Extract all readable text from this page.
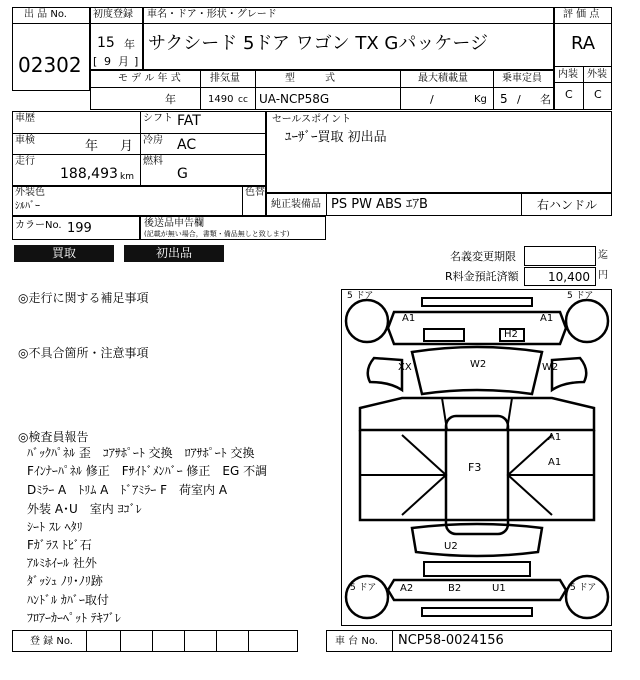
出 品 No.
02302
初度登録
15 年
[ 9 月 ]
車名・ドア・形状・グレード
サクシード 5ドア ワゴン TX Gパッケージ
評 価 点
RA
内装 外装
C C
モ デ ル 年 式
年
排気量
1490 cc
型　　　式
UA-NCP58G
最大積載量
/	Kg
乗車定員
5 / 名
車歴	シフト FAT
車検	年 月 冷房 AC
走行
188,493 km
燃料
G
セールスポイント
ﾕｰｻﾞｰ買取 初出品
外装色
ｼﾙﾊﾞｰ
色替
純正装備品 PS PW ABS ｴｱB	右ハンドル
カラーNo. 199	後送品申告欄
(記載が無い場合，書類・備品無しと致します)
買取	初出品	名義変更期限	迄
R料金預託済額 10,400 円
◎走行に関する補足事項
◎不具合箇所・注意事項
◎検査員報告
ﾊﾞｯｸﾊﾟﾈﾙ 歪　ｺｱｻﾎﾟｰﾄ 交換　ﾛｱｻﾎﾟｰﾄ 交換
Fｲﾝﾅｰﾊﾟﾈﾙ 修正　Fｻｲﾄﾞﾒﾝﾊﾞｰ 修正　EG 不調
Dﾐﾗｰ A　ﾄﾘﾑ A　ﾄﾞｱﾐﾗｰ F　荷室内 A
外装 A･U　室内 ﾖｺﾞﾚ
ｼｰﾄ ｽﾚ ﾍﾀﾘ
Fｶﾞﾗｽ ﾄﾋﾞ石
ｱﾙﾐﾎｲｰﾙ 社外
ﾀﾞｯｼｭ ﾉﾘ･ﾉﾘ跡
ﾊﾝﾄﾞﾙ ｶﾊﾞｰ取付
ﾌﾛｱｰｶｰﾍﾟｯﾄ ﾃｷﾌﾞﾚ
5 ドア	5 ドア
5 ドア	5 ドア
A1	A1
H2
XX	W2	W2
A1
A1
F3
U2
A2	B2	U1
登 録 No.	車 台 No. NCP58-0024156
